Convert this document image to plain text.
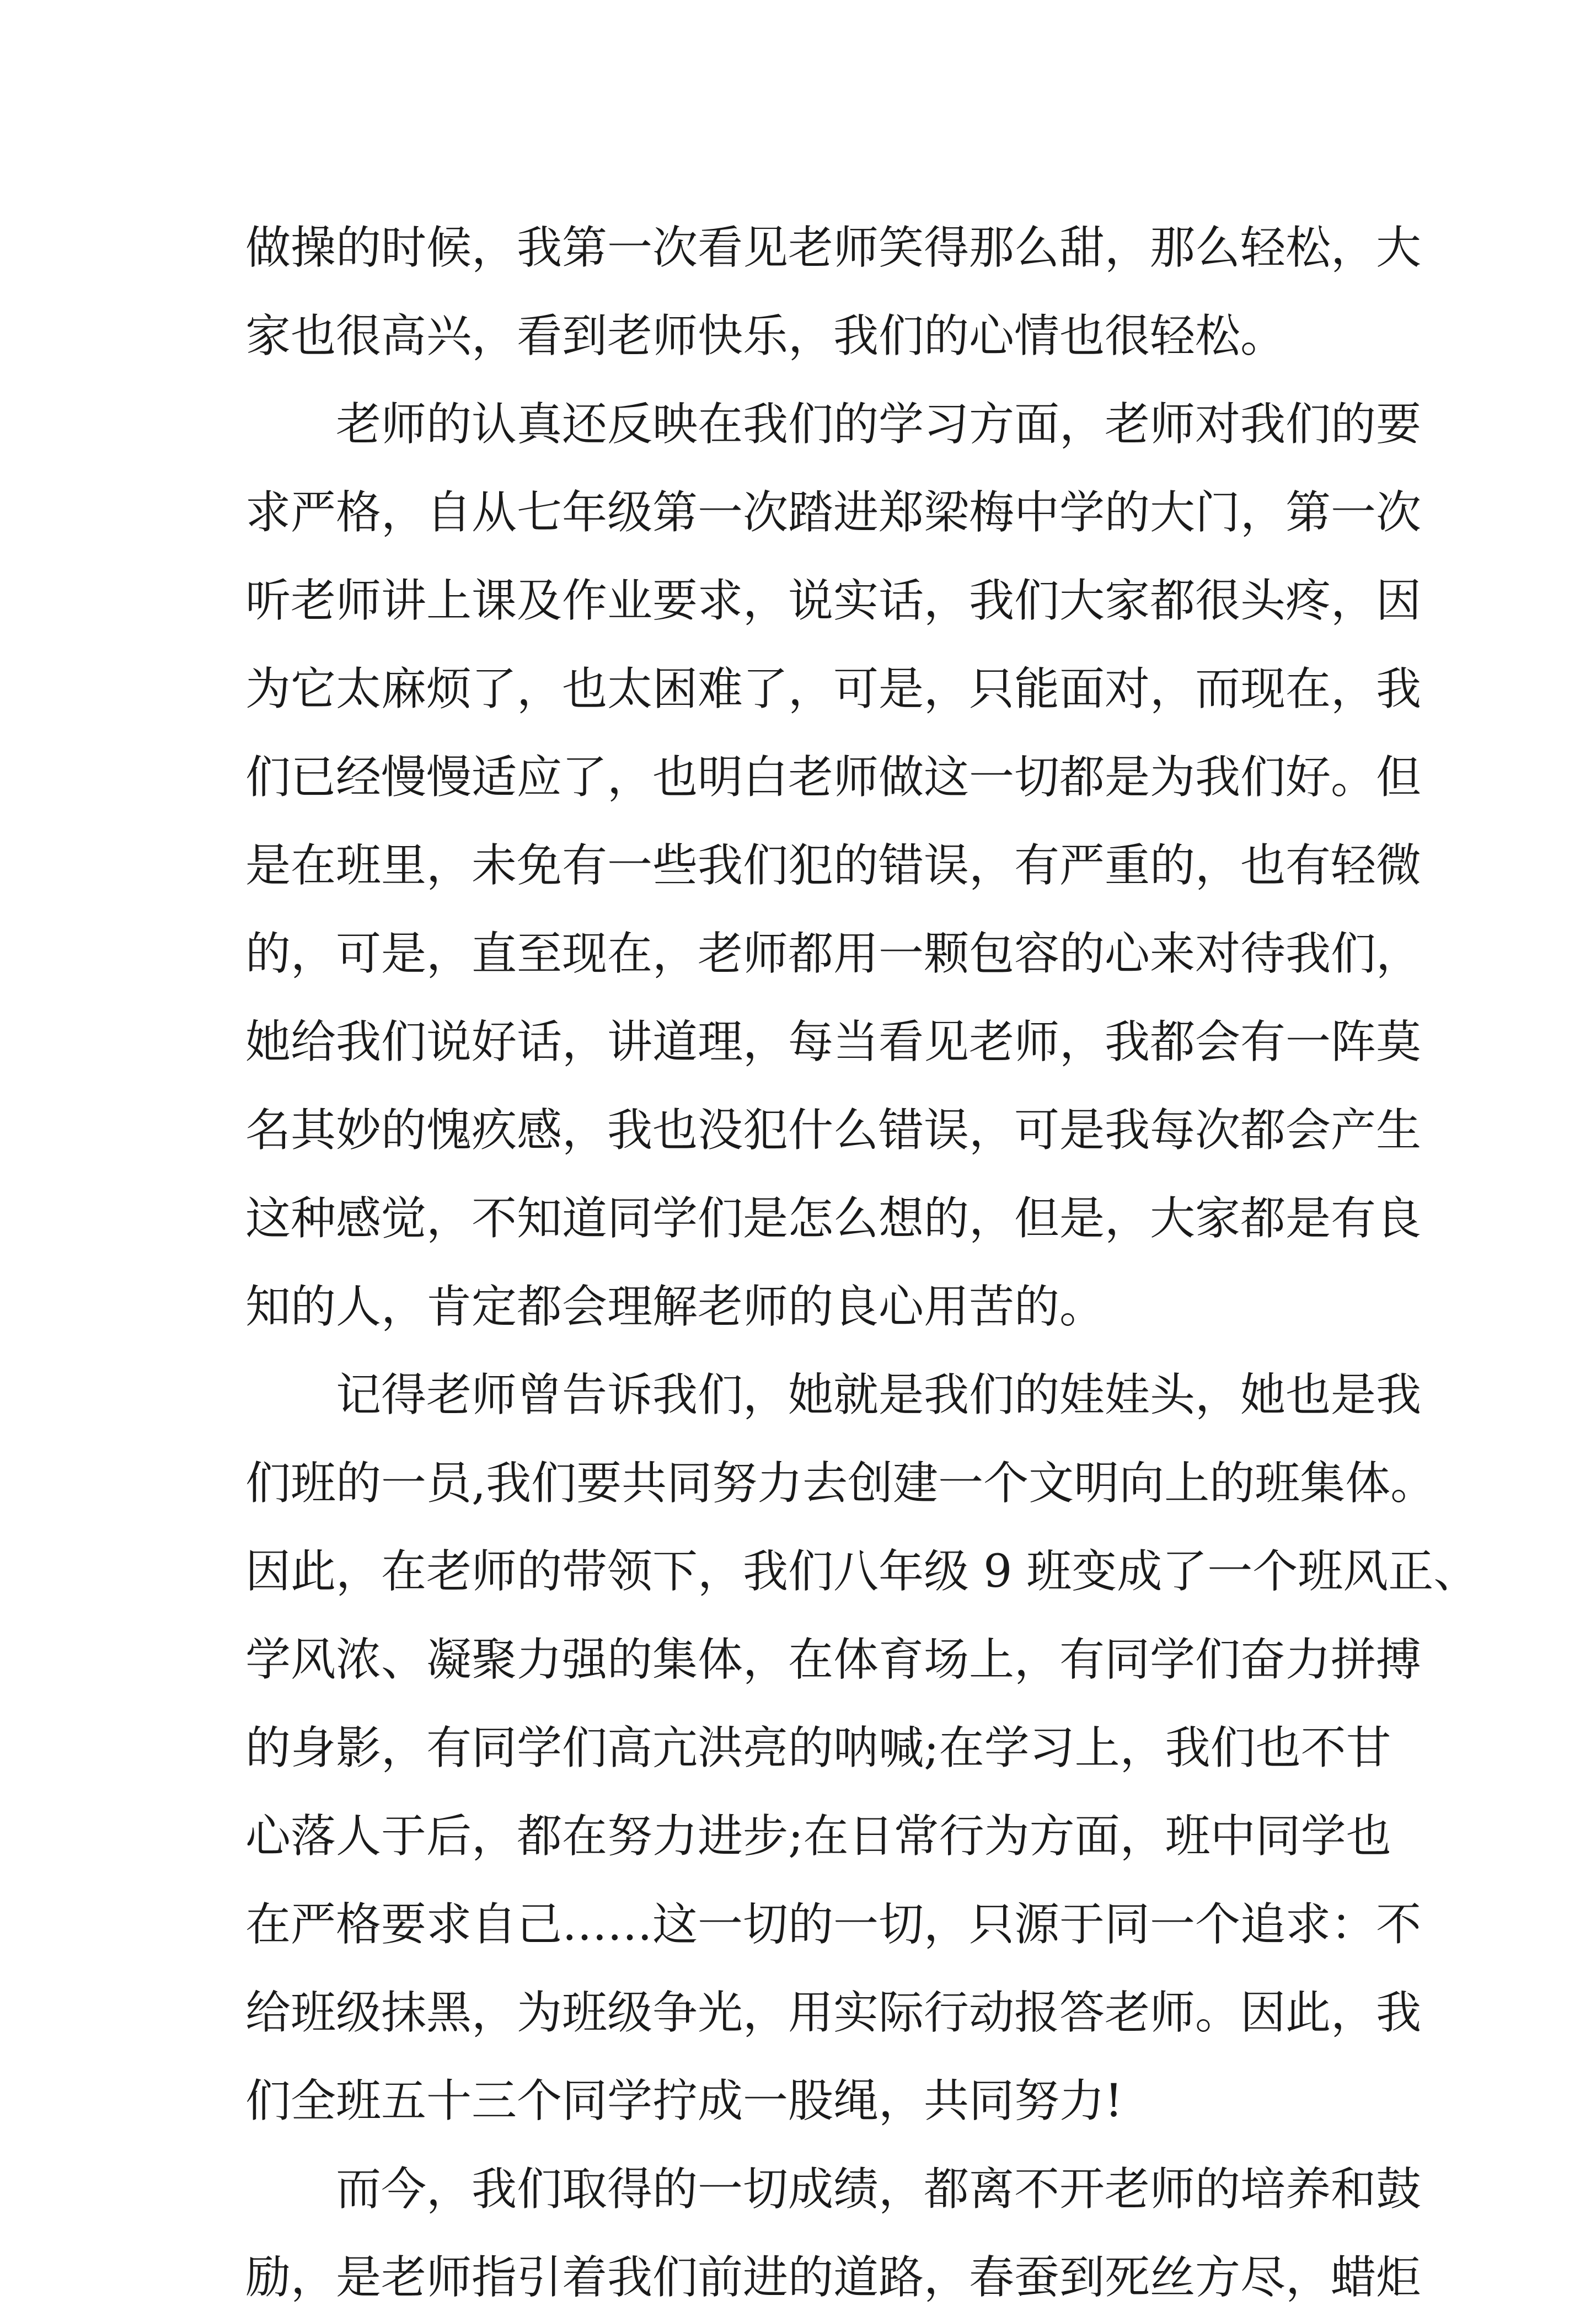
做操的时候，我第一次看见老师笑得那么甜，那么轻松，大
家也很高兴，看到老师快乐，我们的心情也很轻松。
老师的认真还反映在我们的学习方面，老师对我们的要
求严格，自从七年级第一次踏进郑梁梅中学的大门，第一次
听老师讲上课及作业要求，说实话，我们大家都很头疼，因
为它太麻烦了，也太困难了，可是，只能面对，而现在，我
们已经慢慢适应了，也明白老师做这一切都是为我们好。但
是在班里，未免有一些我们犯的错误，有严重的，也有轻微
的，可是，直至现在，老师都用一颗包容的心来对待我们，
她给我们说好话，讲道理，每当看见老师，我都会有一阵莫
名其妙的愧疚感，我也没犯什么错误，可是我每次都会产生
这种感觉，不知道同学们是怎么想的，但是，大家都是有良
知的人，肯定都会理解老师的良心用苦的。
记得老师曾告诉我们，她就是我们的娃娃头，她也是我
们班的一员,我们要共同努力去创建一个文明向上的班集体。
因此，在老师的带领下，我们八年级 9 班变成了一个班风正、
学风浓、凝聚力强的集体，在体育场上，有同学们奋力拼搏
的身影，有同学们高亢洪亮的呐喊;在学习上，我们也不甘
心落人于后，都在努力进步;在日常行为方面，班中同学也
在严格要求自己……这一切的一切，只源于同一个追求：不
给班级抹黑，为班级争光，用实际行动报答老师。因此，我
们全班五十三个同学拧成一股绳，共同努力!
而今，我们取得的一切成绩，都离不开老师的培养和鼓
励，是老师指引着我们前进的道路，春蚕到死丝方尽，蜡炬
